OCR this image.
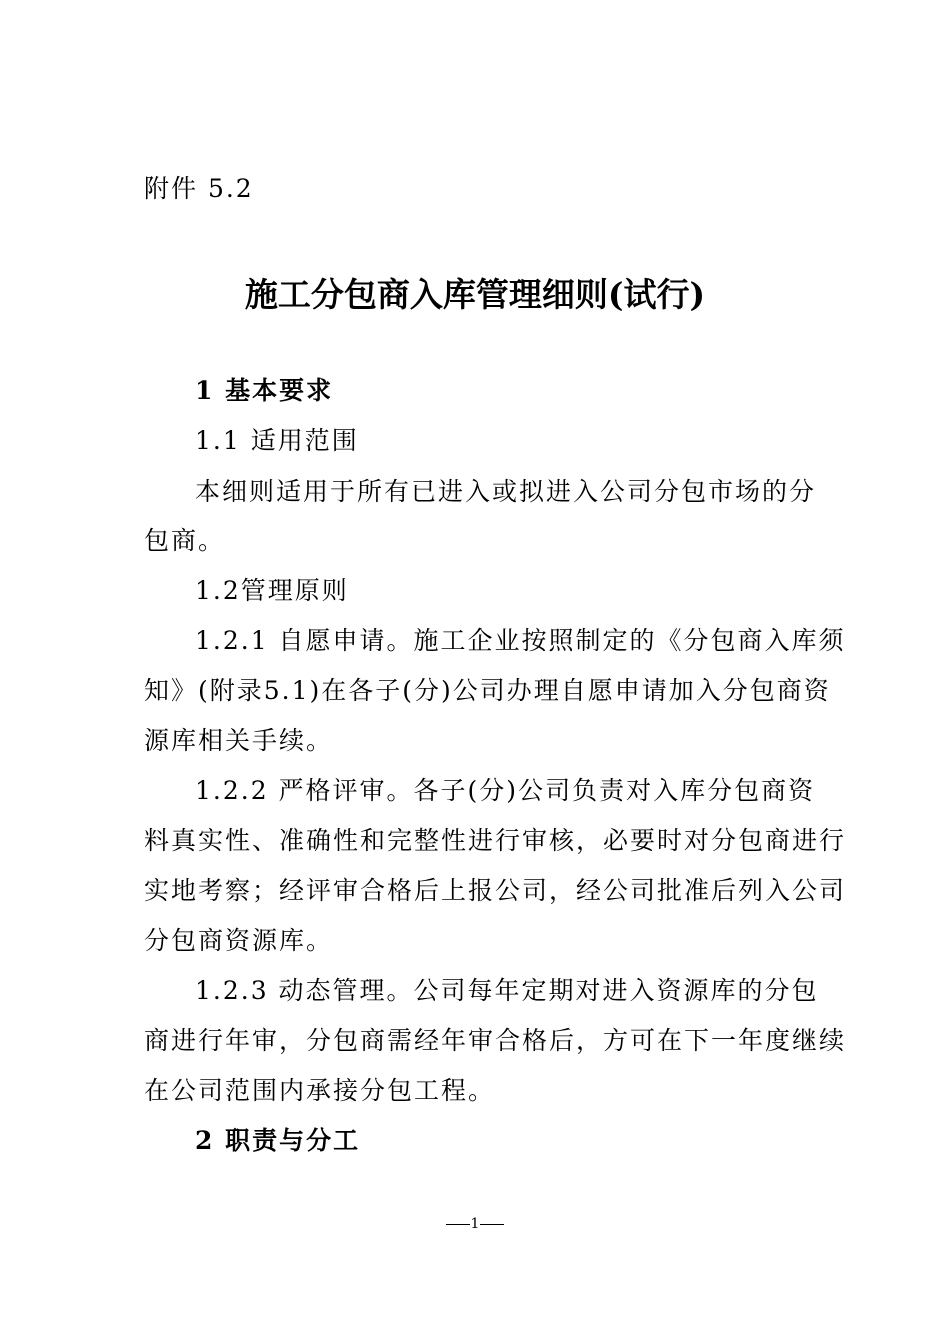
附件 5.2
施工分包商入库管理细则(试行)
1 基本要求
1.1 适用范围
本细则适用于所有已进入或拟进入公司分包市场的分
包商。
1.2管理原则
1.2.1 自愿申请。施工企业按照制定的《分包商入库须
知》(附录5.1)在各子(分)公司办理自愿申请加入分包商资
源库相关手续。
1.2.2 严格评审。各子(分)公司负责对入库分包商资
料真实性、准确性和完整性进行审核，必要时对分包商进行
实地考察；经评审合格后上报公司，经公司批准后列入公司
分包商资源库。
1.2.3 动态管理。公司每年定期对进入资源库的分包
商进行年审，分包商需经年审合格后，方可在下一年度继续
在公司范围内承接分包工程。
2 职责与分工
1
